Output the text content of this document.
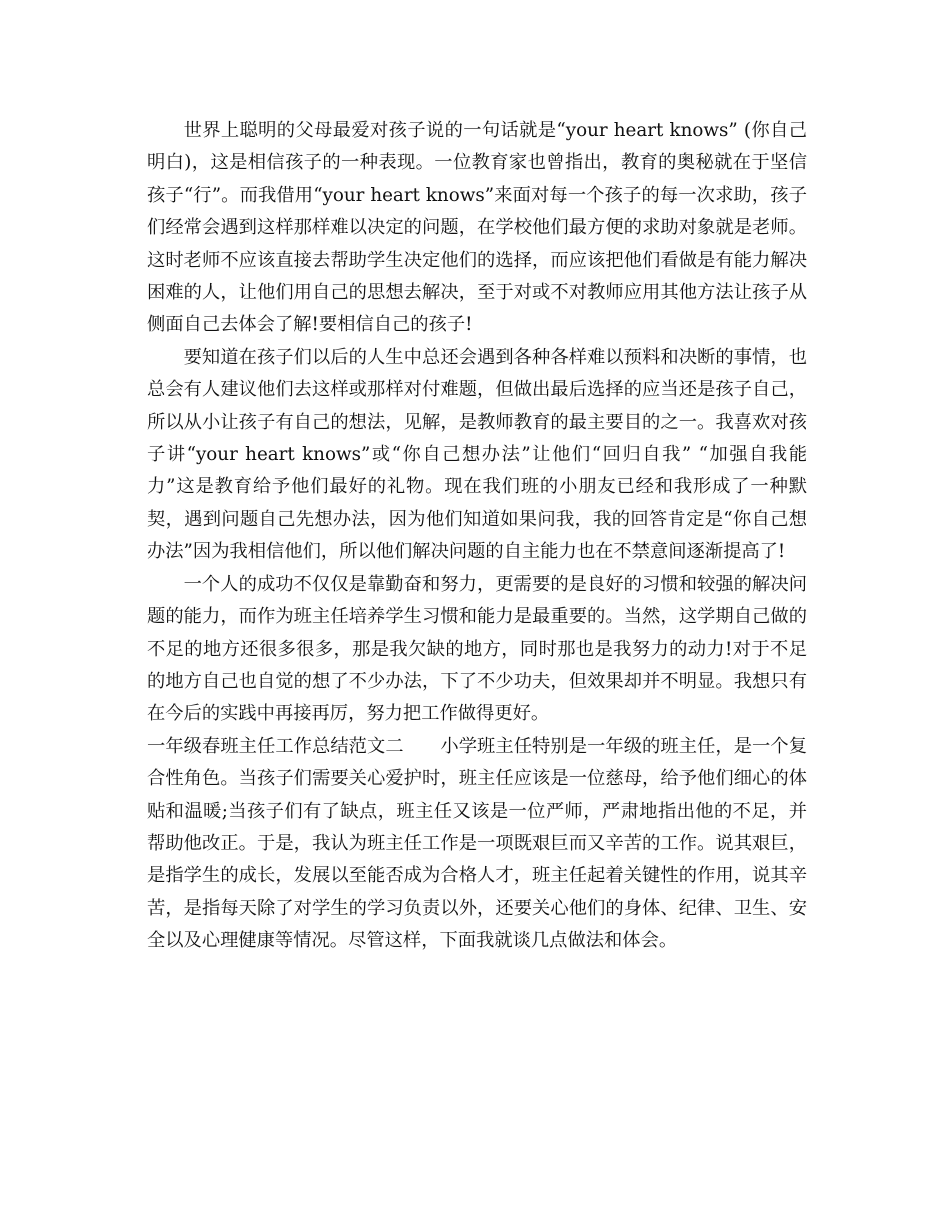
世界上聪明的父母最爱对孩子说的一句话就是“your heart knows” (你自己明白)，这是相信孩子的一种表现。一位教育家也曾指出，教育的奥秘就在于坚信孩子“行”。而我借用“your heart knows”来面对每一个孩子的每一次求助，孩子们经常会遇到这样那样难以决定的问题，在学校他们最方便的求助对象就是老师。这时老师不应该直接去帮助学生决定他们的选择，而应该把他们看做是有能力解决困难的人，让他们用自己的思想去解决，至于对或不对教师应用其他方法让孩子从侧面自己去体会了解!要相信自己的孩子!

要知道在孩子们以后的人生中总还会遇到各种各样难以预料和决断的事情，也总会有人建议他们去这样或那样对付难题，但做出最后选择的应当还是孩子自己，所以从小让孩子有自己的想法，见解，是教师教育的最主要目的之一。我喜欢对孩子讲“your heart knows”或“你自己想办法”让他们“回归自我” “加强自我能力”这是教育给予他们最好的礼物。现在我们班的小朋友已经和我形成了一种默契，遇到问题自己先想办法，因为他们知道如果问我，我的回答肯定是“你自己想办法”因为我相信他们，所以他们解决问题的自主能力也在不禁意间逐渐提高了!

一个人的成功不仅仅是靠勤奋和努力，更需要的是良好的习惯和较强的解决问题的能力，而作为班主任培养学生习惯和能力是最重要的。当然，这学期自己做的不足的地方还很多很多，那是我欠缺的地方，同时那也是我努力的动力!对于不足的地方自己也自觉的想了不少办法，下了不少功夫，但效果却并不明显。我想只有在今后的实践中再接再厉，努力把工作做得更好。

一年级春班主任工作总结范文二　　小学班主任特别是一年级的班主任，是一个复合性角色。当孩子们需要关心爱护时，班主任应该是一位慈母，给予他们细心的体贴和温暖;当孩子们有了缺点，班主任又该是一位严师，严肃地指出他的不足，并帮助他改正。于是，我认为班主任工作是一项既艰巨而又辛苦的工作。说其艰巨，是指学生的成长，发展以至能否成为合格人才，班主任起着关键性的作用，说其辛苦，是指每天除了对学生的学习负责以外，还要关心他们的身体、纪律、卫生、安全以及心理健康等情况。尽管这样，下面我就谈几点做法和体会。
